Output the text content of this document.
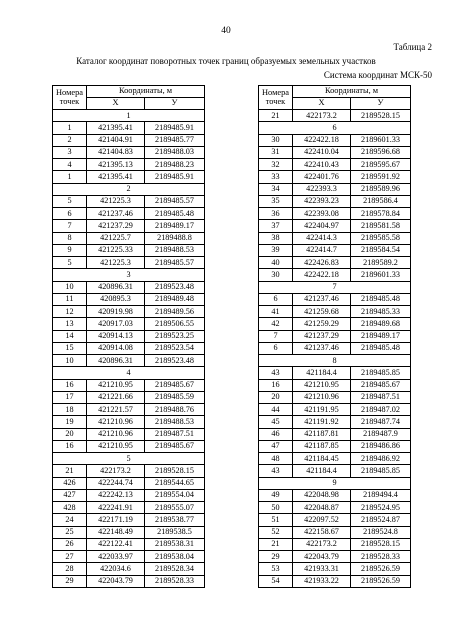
40
Таблица 2
Каталог координат поворотных точек границ образуемых земельных участков
Система координат МСК-50
Номера
точек	Координаты, м	
	X	У
1		
1	421395.41	2189485.91
2	421404.91	2189485.77
3	421404.83	2189488.03
4	421395.13	2189488.23
1	421395.41	2189485.91
2		
5	421225.3	2189485.57
6	421237.46	2189485.48
7	421237.29	2189489.17
8	421225.7	2189488.8
9	421225.33	2189488.53
5	421225.3	2189485.57
3		
10	420896.31	2189523.48
11	420895.3	2189489.48
12	420919.98	2189489.56
13	420917.03	2189506.55
14	420914.13	2189523.25
15	420914.08	2189523.54
10	420896.31	2189523.48
4		
16	421210.95	2189485.67
17	421221.66	2189485.59
18	421221.57	2189488.76
19	421210.96	2189488.53
20	421210.96	2189487.51
16	421210.95	2189485.67
5		
21	422173.2	2189528.15
426	422244.74	2189544.65
427	422242.13	2189554.04
428	422241.91	2189555.07
24	422171.19	2189538.77
25	422148.49	2189538.5
26	422122.41	2189538.31
27	422033.97	2189538.04
28	422034.6	2189528.34
29	422043.79	2189528.33
Номера
точек	Координаты, м	
	X	У
21	422173.2	2189528.15
6		
30	422422.18	2189601.33
31	422410.04	2189596.68
32	422410.43	2189595.67
33	422401.76	2189591.92
34	422393.3	2189589.96
35	422393.23	2189586.4
36	422393.08	2189578.84
37	422404.97	2189581.58
38	422414.3	2189585.58
39	422414.7	2189584.54
40	422426.83	2189589.2
30	422422.18	2189601.33
7		
6	421237.46	2189485.48
41	421259.68	2189485.33
42	421259.29	2189489.68
7	421237.29	2189489.17
6	421237.46	2189485.48
8		
43	421184.4	2189485.85
16	421210.95	2189485.67
20	421210.96	2189487.51
44	421191.95	2189487.02
45	421191.92	2189487.74
46	421187.81	2189487.9
47	421187.85	2189486.86
48	421184.45	2189486.92
43	421184.4	2189485.85
9		
49	422048.98	2189494.4
50	422048.87	2189524.95
51	422097.52	2189524.87
52	422158.67	2189524.8
21	422173.2	2189528.15
29	422043.79	2189528.33
53	421933.31	2189526.59
54	421933.22	2189526.59
